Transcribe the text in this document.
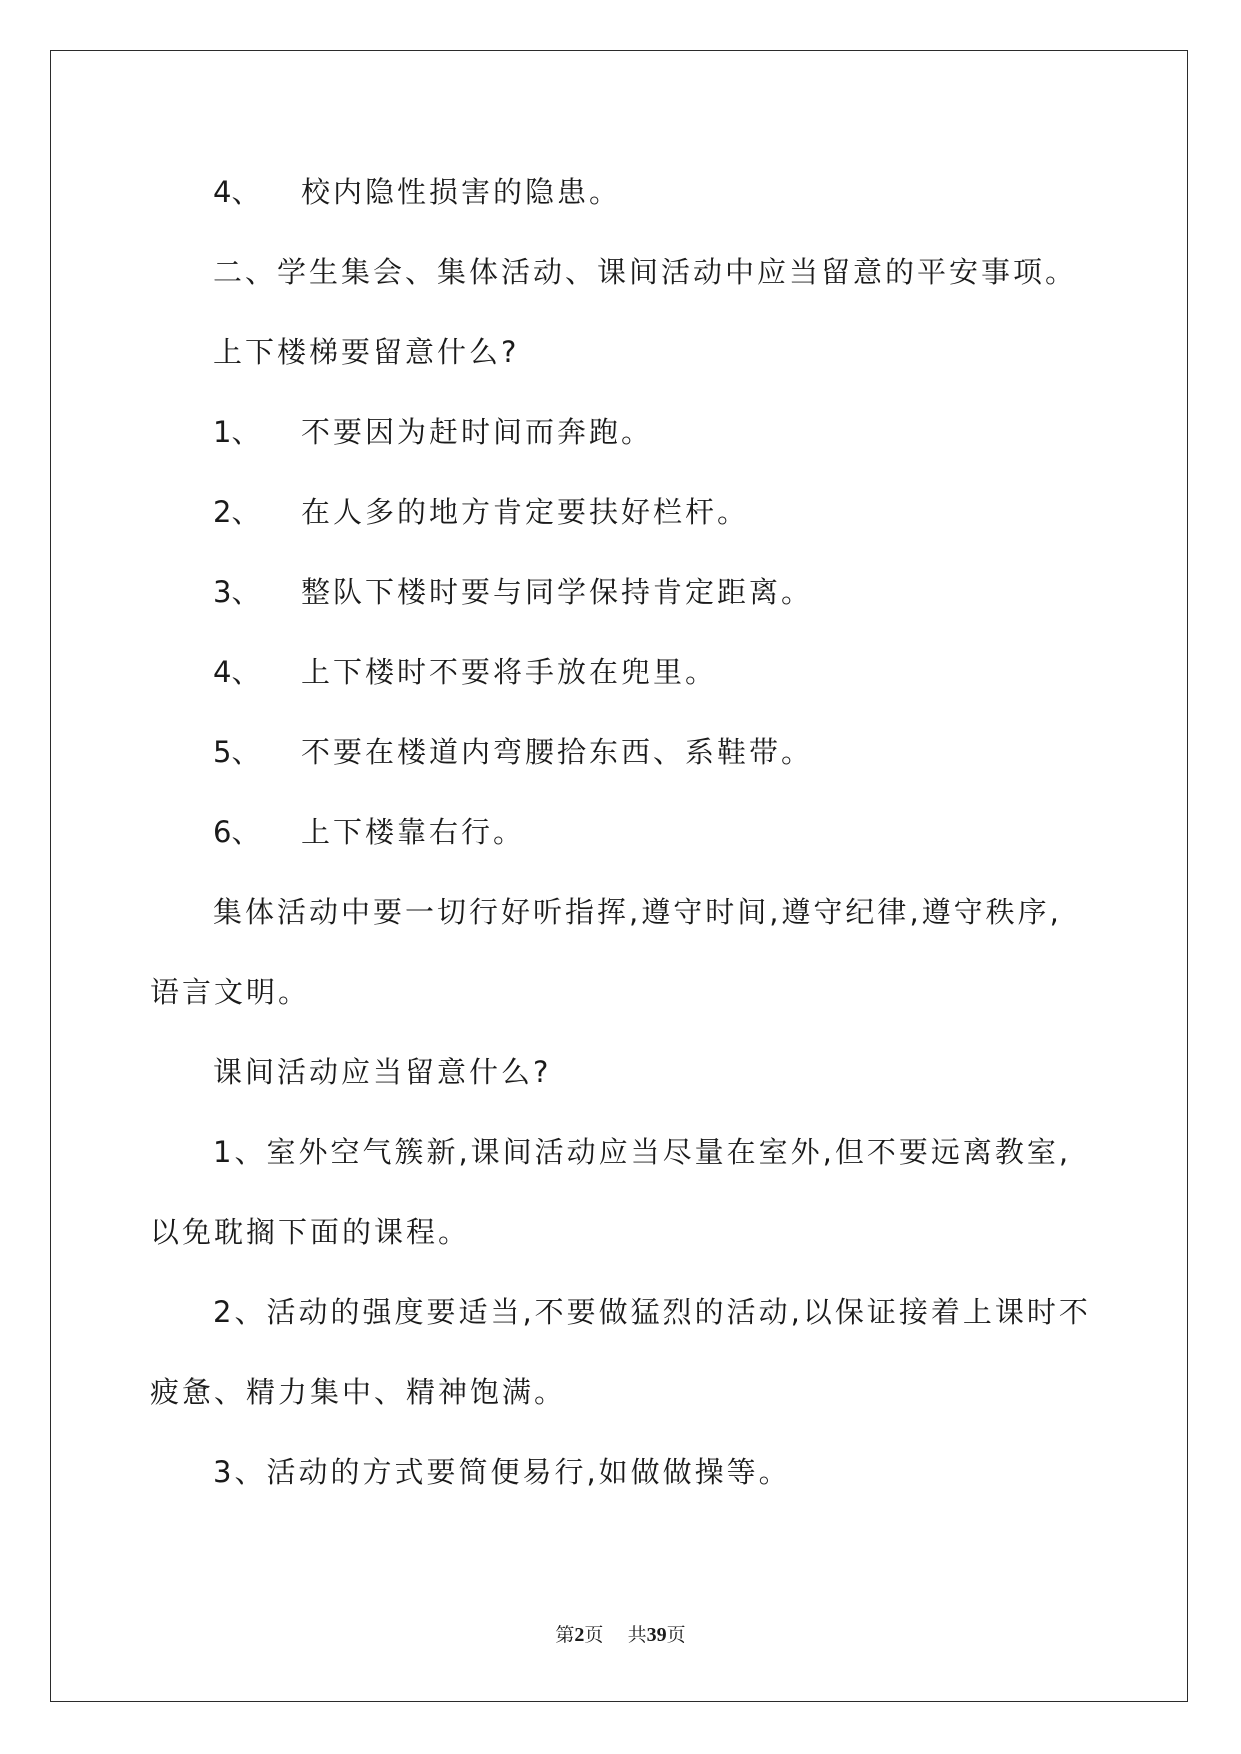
4、 校内隐性损害的隐患。
二、学生集会、集体活动、课间活动中应当留意的平安事项。
上下楼梯要留意什么?
1、 不要因为赶时间而奔跑。
2、 在人多的地方肯定要扶好栏杆。
3、 整队下楼时要与同学保持肯定距离。
4、 上下楼时不要将手放在兜里。
5、 不要在楼道内弯腰拾东西、系鞋带。
6、 上下楼靠右行。
集体活动中要一切行好听指挥,遵守时间,遵守纪律,遵守秩序,
语言文明。
课间活动应当留意什么?
1、室外空气簇新,课间活动应当尽量在室外,但不要远离教室,
以免耽搁下面的课程。
2、活动的强度要适当,不要做猛烈的活动,以保证接着上课时不
疲惫、精力集中、精神饱满。
3、活动的方式要简便易行,如做做操等。
第2页 共39页
